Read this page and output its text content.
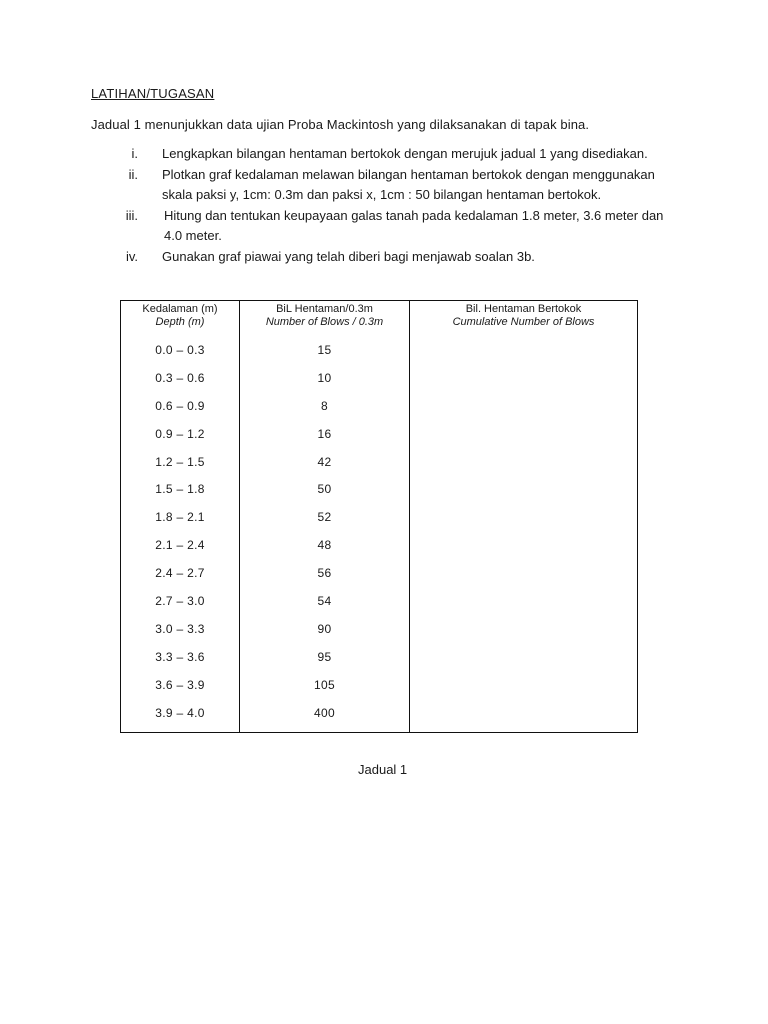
LATIHAN/TUGASAN
Jadual 1 menunjukkan data ujian Proba Mackintosh yang dilaksanakan di tapak bina.
i. Lengkapkan bilangan hentaman bertokok dengan merujuk jadual 1 yang disediakan.
ii. Plotkan graf kedalaman melawan bilangan hentaman bertokok dengan menggunakan
skala paksi y, 1cm: 0.3m dan paksi x, 1cm : 50 bilangan hentaman bertokok.
iii. Hitung dan tentukan keupayaan galas tanah pada kedalaman 1.8 meter, 3.6 meter dan
4.0 meter.
iv. Gunakan graf piawai yang telah diberi bagi menjawab soalan 3b.
Kedalaman (m)
Depth (m)
0.0 – 0.3
0.3 – 0.6
0.6 – 0.9
0.9 – 1.2
1.2 – 1.5
1.5 – 1.8
1.8 – 2.1
2.1 – 2.4
2.4 – 2.7
2.7 – 3.0
3.0 – 3.3
3.3 – 3.6
3.6 – 3.9
3.9 – 4.0
BiL Hentaman/0.3m
Number of Blows / 0.3m
15
10
8
16
42
50
52
48
56
54
90
95
105
400
Bil. Hentaman Bertokok
Cumulative Number of Blows
Jadual 1
